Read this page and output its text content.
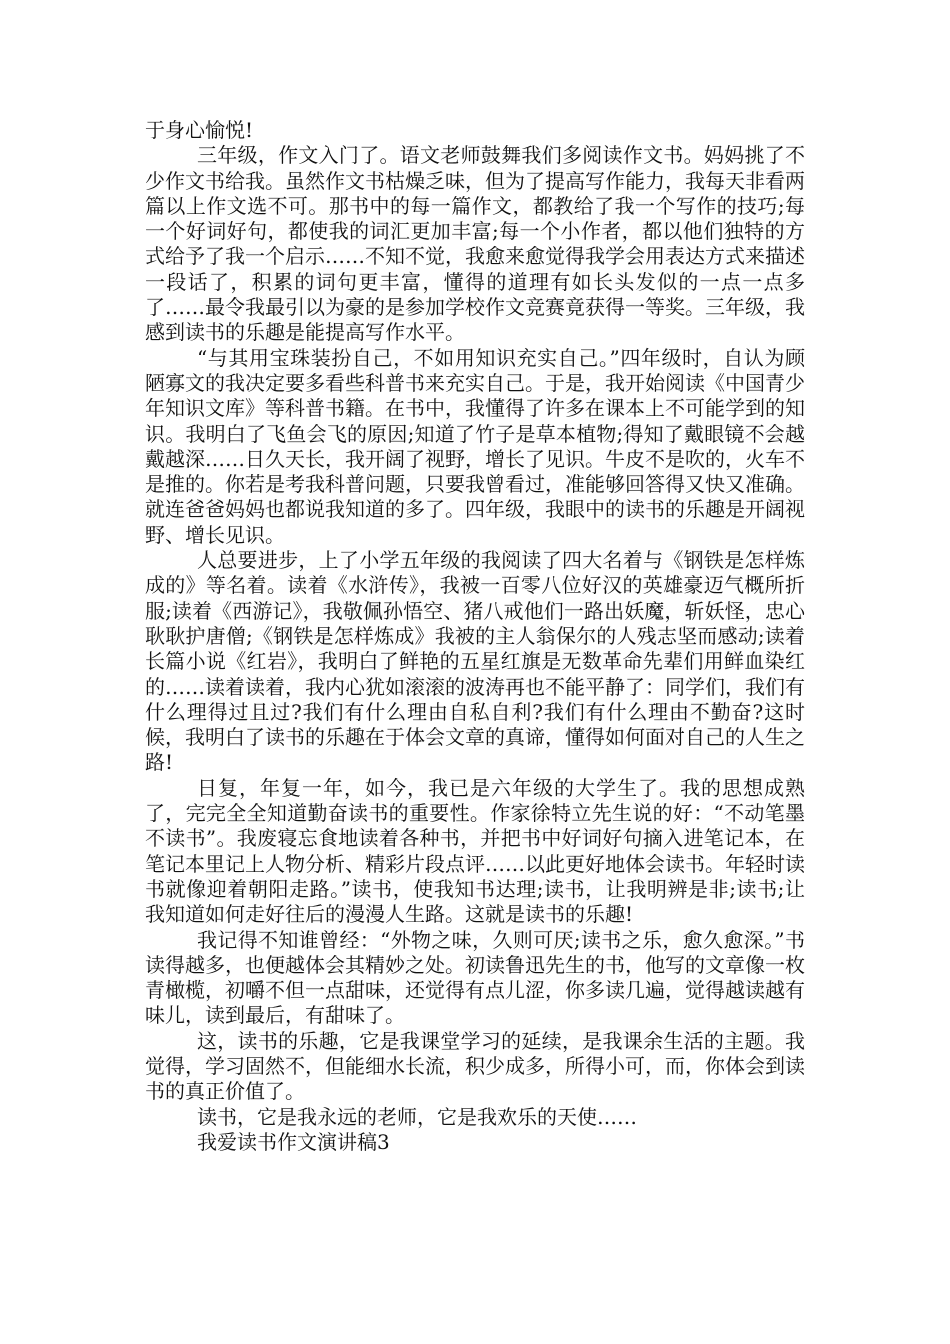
于身心愉悦!

三年级，作文入门了。语文老师鼓舞我们多阅读作文书。妈妈挑了不少作文书给我。虽然作文书枯燥乏味，但为了提高写作能力，我每天非看两篇以上作文选不可。那书中的每一篇作文，都教给了我一个写作的技巧;每一个好词好句，都使我的词汇更加丰富;每一个小作者，都以他们独特的方式给予了我一个启示……不知不觉，我愈来愈觉得我学会用表达方式来描述一段话了，积累的词句更丰富，懂得的道理有如长头发似的一点一点多了……最令我最引以为豪的是参加学校作文竞赛竟获得一等奖。三年级，我感到读书的乐趣是能提高写作水平。

“与其用宝珠装扮自己，不如用知识充实自己。”四年级时，自认为顾陋寡文的我决定要多看些科普书来充实自己。于是，我开始阅读《中国青少年知识文库》等科普书籍。在书中，我懂得了许多在课本上不可能学到的知识。我明白了飞鱼会飞的原因;知道了竹子是草本植物;得知了戴眼镜不会越戴越深……日久天长，我开阔了视野，增长了见识。牛皮不是吹的，火车不是推的。你若是考我科普问题，只要我曾看过，准能够回答得又快又准确。就连爸爸妈妈也都说我知道的多了。四年级，我眼中的读书的乐趣是开阔视野、增长见识。

人总要进步，上了小学五年级的我阅读了四大名着与《钢铁是怎样炼成的》等名着。读着《水浒传》，我被一百零八位好汉的英雄豪迈气概所折服;读着《西游记》，我敬佩孙悟空、猪八戒他们一路出妖魔，斩妖怪，忠心耿耿护唐僧;《钢铁是怎样炼成》我被的主人翁保尔的人残志坚而感动;读着长篇小说《红岩》，我明白了鲜艳的五星红旗是无数革命先辈们用鲜血染红的……读着读着，我内心犹如滚滚的波涛再也不能平静了：同学们，我们有什么理得过且过?我们有什么理由自私自利?我们有什么理由不勤奋?这时候，我明白了读书的乐趣在于体会文章的真谛，懂得如何面对自己的人生之路!

日复，年复一年，如今，我已是六年级的大学生了。我的思想成熟了，完完全全知道勤奋读书的重要性。作家徐特立先生说的好：“不动笔墨不读书”。我废寝忘食地读着各种书，并把书中好词好句摘入进笔记本，在笔记本里记上人物分析、精彩片段点评……以此更好地体会读书。年轻时读书就像迎着朝阳走路。”读书，使我知书达理;读书，让我明辨是非;读书;让我知道如何走好往后的漫漫人生路。这就是读书的乐趣!

我记得不知谁曾经：“外物之味，久则可厌;读书之乐，愈久愈深。”书读得越多，也便越体会其精妙之处。初读鲁迅先生的书，他写的文章像一枚青橄榄，初嚼不但一点甜味，还觉得有点儿涩，你多读几遍，觉得越读越有味儿，读到最后，有甜味了。

这，读书的乐趣，它是我课堂学习的延续，是我课余生活的主题。我觉得，学习固然不，但能细水长流，积少成多，所得小可，而，你体会到读书的真正价值了。

读书，它是我永远的老师，它是我欢乐的天使……

我爱读书作文演讲稿3
